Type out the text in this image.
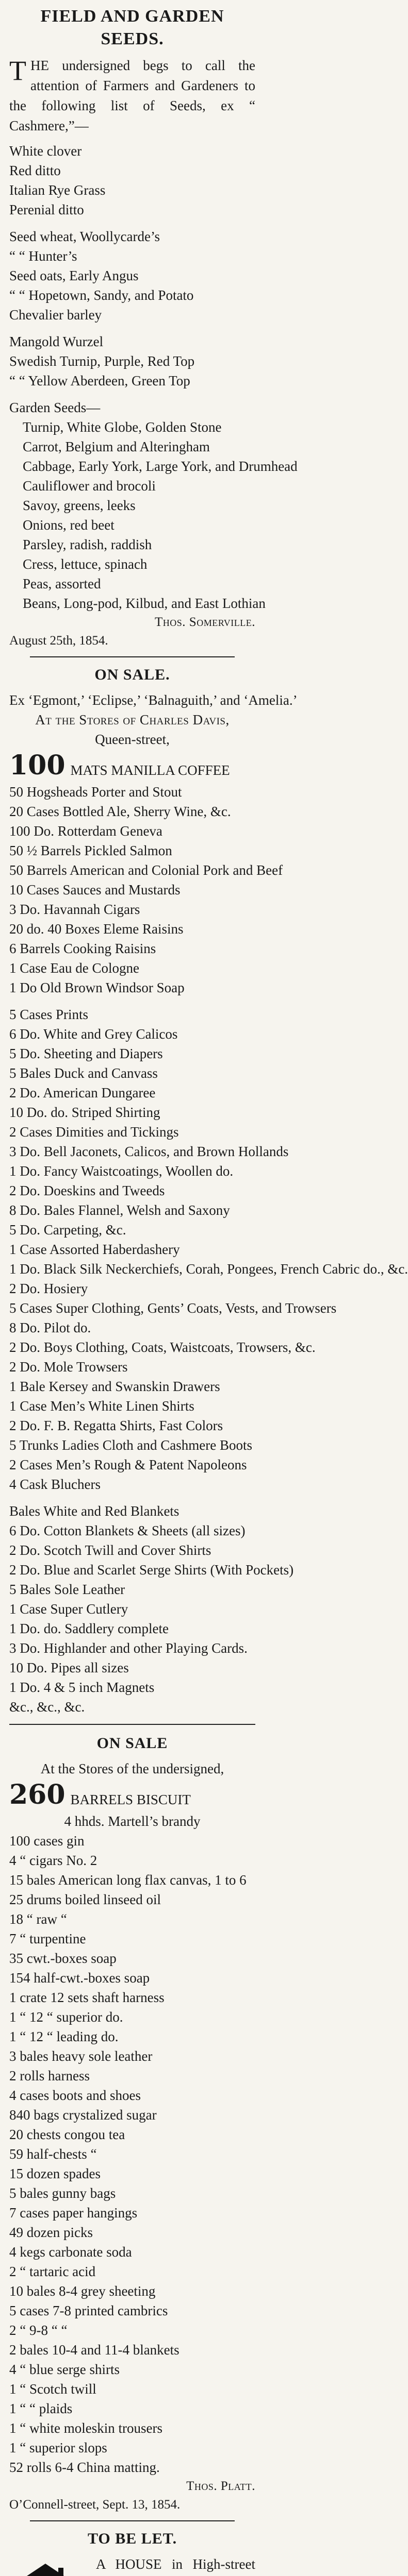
FIELD AND GARDEN SEEDS.
T HE undersigned begs to call the attention of Farmers and Gardeners to the following list of Seeds, ex “ Cashmere,”—
White clover
Red ditto
Italian Rye Grass
Perenial ditto

Seed wheat, Woollycarde’s
“ “ Hunter’s
Seed oats, Early Angus
“ “ Hopetown, Sandy, and Potato
Chevalier barley

Mangold Wurzel
Swedish Turnip, Purple, Red Top
“ “ Yellow Aberdeen, Green Top

Garden Seeds—
Turnip, White Globe, Golden Stone
Carrot, Belgium and Alteringham
Cabbage, Early York, Large York, and Drumhead
Cauliflower and brocoli
Savoy, greens, leeks
Onions, red beet
Parsley, radish, raddish
Cress, lettuce, spinach
Peas, assorted
Beans, Long-pod, Kilbud, and East Lothian
Thos. Somerville.
August 25th, 1854.
ON SALE.
Ex ‘Egmont,’ ‘Eclipse,’ ‘Balnaguith,’ and ‘Amelia.’
At the Stores of Charles Davis,
Queen-street,
100 MATS MANILLA COFFEE
50 Hogsheads Porter and Stout
20 Cases Bottled Ale, Sherry Wine, &c.
100 Do. Rotterdam Geneva
50 ½ Barrels Pickled Salmon
50 Barrels American and Colonial Pork and Beef
10 Cases Sauces and Mustards
3 Do. Havannah Cigars
20 do. 40 Boxes Eleme Raisins
6 Barrels Cooking Raisins
1 Case Eau de Cologne
1 Do Old Brown Windsor Soap

5 Cases Prints
6 Do. White and Grey Calicos
5 Do. Sheeting and Diapers
5 Bales Duck and Canvass
2 Do. American Dungaree
10 Do. do. Striped Shirting
2 Cases Dimities and Tickings
3 Do. Bell Jaconets, Calicos, and Brown Hollands
1 Do. Fancy Waistcoatings, Woollen do.
2 Do. Doeskins and Tweeds
8 Do. Bales Flannel, Welsh and Saxony
5 Do. Carpeting, &c.
1 Case Assorted Haberdashery
1 Do. Black Silk Neckerchiefs, Corah, Pongees, French Cabric do., &c.
2 Do. Hosiery
5 Cases Super Clothing, Gents’ Coats, Vests, and Trowsers
8 Do. Pilot do.
2 Do. Boys Clothing, Coats, Waistcoats, Trowsers, &c.
2 Do. Mole Trowsers
1 Bale Kersey and Swanskin Drawers
1 Case Men’s White Linen Shirts
2 Do. F. B. Regatta Shirts, Fast Colors
5 Trunks Ladies Cloth and Cashmere Boots
2 Cases Men’s Rough & Patent Napoleons
4 Cask Bluchers

Bales White and Red Blankets
6 Do. Cotton Blankets & Sheets (all sizes)
2 Do. Scotch Twill and Cover Shirts
2 Do. Blue and Scarlet Serge Shirts (With Pockets)
5 Bales Sole Leather
1 Case Super Cutlery
1 Do. do. Saddlery complete
3 Do. Highlander and other Playing Cards.
10 Do. Pipes all sizes
1 Do. 4 & 5 inch Magnets
&c., &c., &c.
ON SALE
At the Stores of the undersigned,
260 BARRELS BISCUIT
4 hhds. Martell’s brandy
100 cases gin
4 “ cigars No. 2
15 bales American long flax canvas, 1 to 6
25 drums boiled linseed oil
18 “ raw “
7 “ turpentine
35 cwt.-boxes soap
154 half-cwt.-boxes soap
1 crate 12 sets shaft harness
1 “ 12 “ superior do.
1 “ 12 “ leading do.
3 bales heavy sole leather
2 rolls harness
4 cases boots and shoes
840 bags crystalized sugar
20 chests congou tea
59 half-chests “
15 dozen spades
5 bales gunny bags
7 cases paper hangings
49 dozen picks
4 kegs carbonate soda
2 “ tartaric acid
10 bales 8-4 grey sheeting
5 cases 7-8 printed cambrics
2 “ 9-8 “ “
2 bales 10-4 and 11-4 blankets
4 “ blue serge shirts
1 “ Scotch twill
1 “ “ plaids
1 “ white moleskin trousers
1 “ superior slops
52 rolls 6-4 China matting.
Thos. Platt.
O’Connell-street, Sept. 13, 1854.
TO BE LET.
A HOUSE in High-street
